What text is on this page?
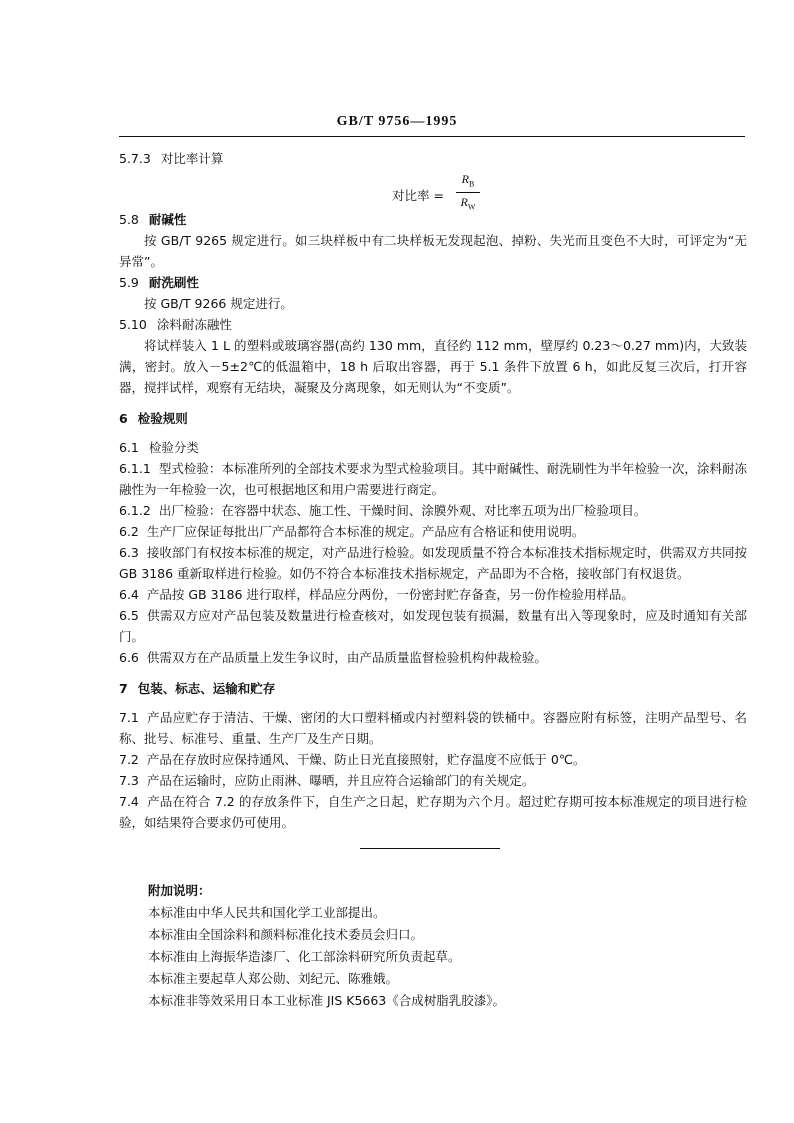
GB/T 9756—1995
5.7.3 对比率计算
对比率 = $\frac{R_B}{R_W}$
5.8 耐碱性

按 GB/T 9265 规定进行。如三块样板中有二块样板无发现起泡、掉粉、失光而且变色不大时，可评定为“无异常”。

5.9 耐洗刷性

按 GB/T 9266 规定进行。

5.10 涂料耐冻融性

将试样装入 1 L 的塑料或玻璃容器(高约 130 mm，直径约 112 mm，壁厚约 0.23～0.27 mm)内，大致装满，密封。放入－5±2℃的低温箱中，18 h 后取出容器，再于 5.1 条件下放置 6 h，如此反复三次后，打开容器，搅拌试样，观察有无结块，凝聚及分离现象，如无则认为“不变质”。

6 检验规则
6.1 检验分类

6.1.1 型式检验：本标准所列的全部技术要求为型式检验项目。其中耐碱性、耐洗刷性为半年检验一次，涂料耐冻融性为一年检验一次，也可根据地区和用户需要进行商定。

6.1.2 出厂检验：在容器中状态、施工性、干燥时间、涂膜外观、对比率五项为出厂检验项目。

6.2 生产厂应保证每批出厂产品都符合本标准的规定。产品应有合格证和使用说明。

6.3 接收部门有权按本标准的规定，对产品进行检验。如发现质量不符合本标准技术指标规定时，供需双方共同按 GB 3186 重新取样进行检验。如仍不符合本标准技术指标规定，产品即为不合格，接收部门有权退货。

6.4 产品按 GB 3186 进行取样，样品应分两份，一份密封贮存备查，另一份作检验用样品。

6.5 供需双方应对产品包装及数量进行检查核对，如发现包装有损漏，数量有出入等现象时，应及时通知有关部门。

6.6 供需双方在产品质量上发生争议时，由产品质量监督检验机构仲裁检验。

7 包装、标志、运输和贮存

7.1 产品应贮存于清洁、干燥、密闭的大口塑料桶或内衬塑料袋的铁桶中。容器应附有标签，注明产品型号、名称、批号、标准号、重量、生产厂及生产日期。

7.2 产品在存放时应保持通风、干燥、防止日光直接照射，贮存温度不应低于 0℃。

7.3 产品在运输时，应防止雨淋、曝晒，并且应符合运输部门的有关规定。

7.4 产品在符合 7.2 的存放条件下，自生产之日起，贮存期为六个月。超过贮存期可按本标准规定的项目进行检验，如结果符合要求仍可使用。

附加说明：
本标准由中华人民共和国化学工业部提出。
本标准由全国涂料和颜料标准化技术委员会归口。
本标准由上海振华造漆厂、化工部涂料研究所负责起草。
本标准主要起草人郑公勋、刘纪元、陈雅娥。
本标准非等效采用日本工业标准 JIS K5663《合成树脂乳胶漆》。
